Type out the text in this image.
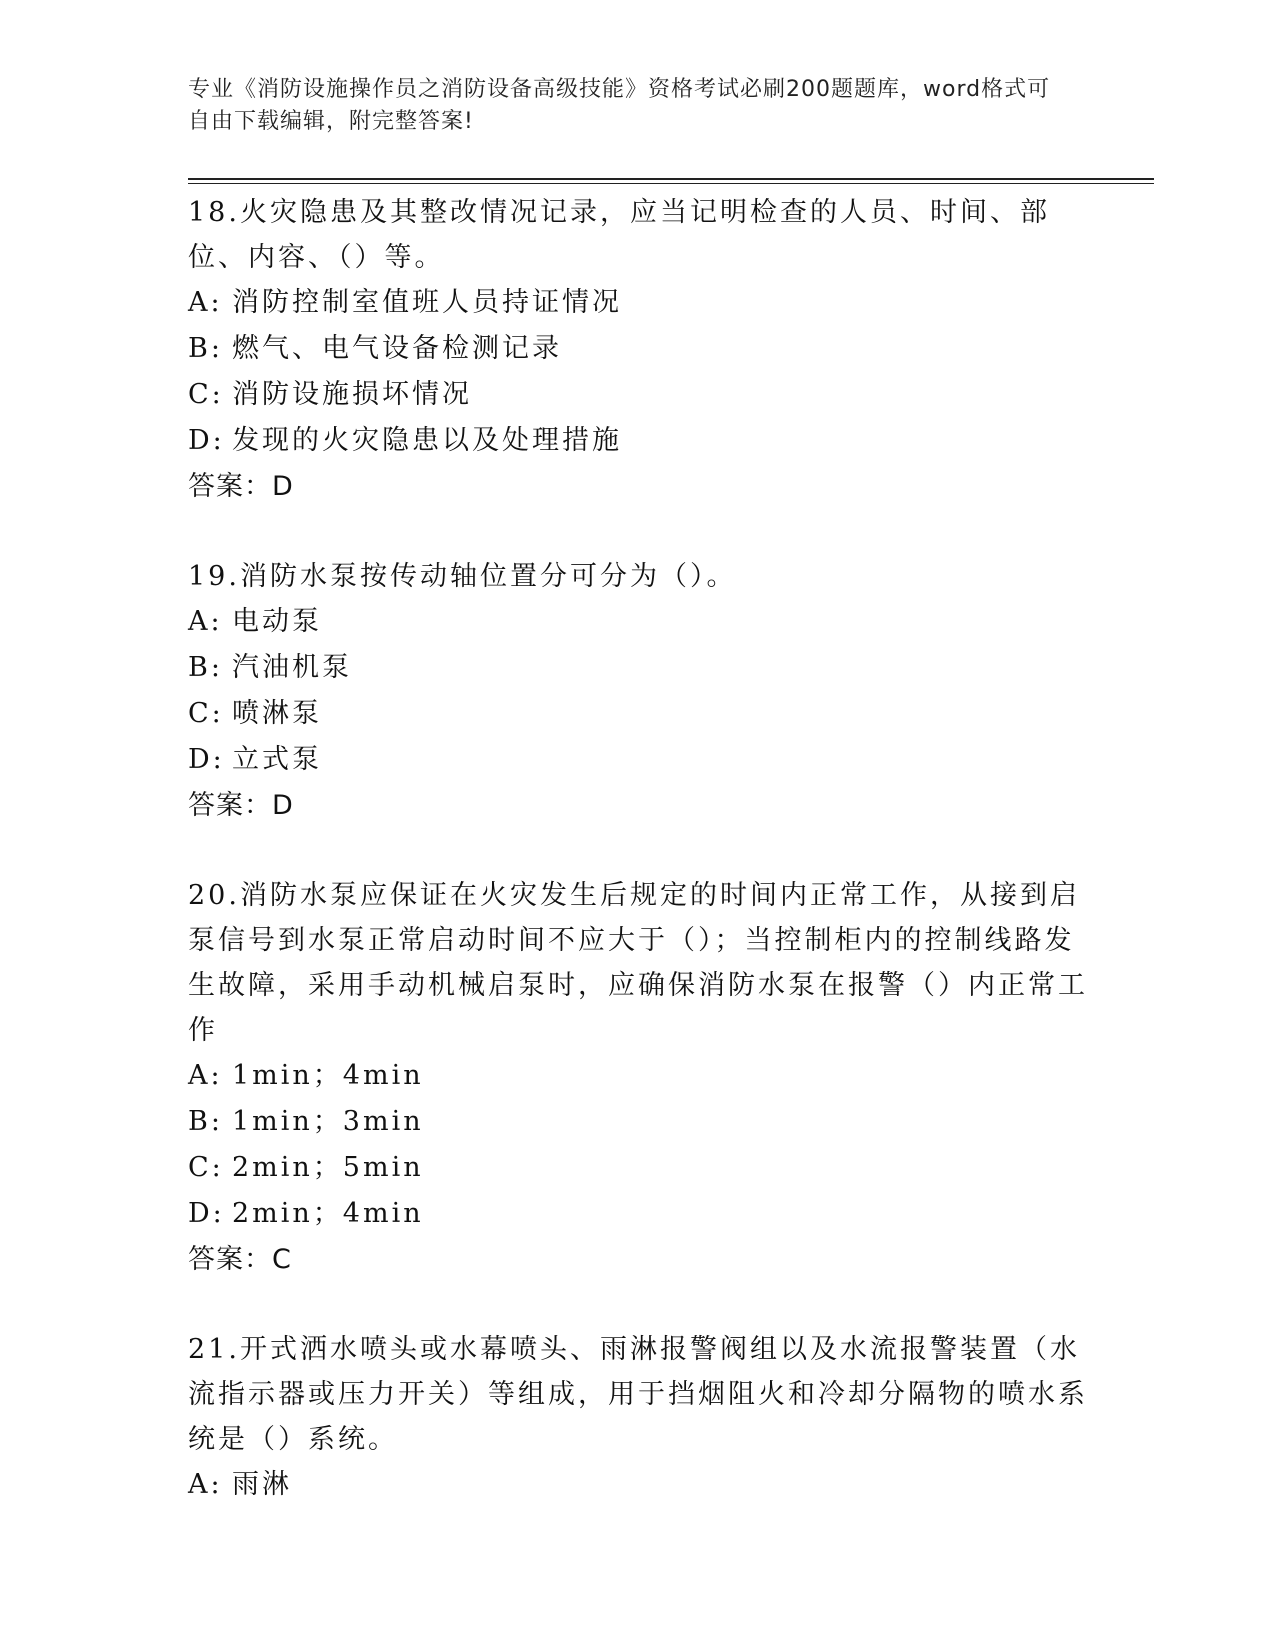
专业《消防设施操作员之消防设备高级技能》资格考试必刷200题题库，word格式可自由下载编辑，附完整答案!

18.火灾隐患及其整改情况记录，应当记明检查的人员、时间、部位、内容、（）等。

A: 消防控制室值班人员持证情况

B: 燃气、电气设备检测记录

C: 消防设施损坏情况

D: 发现的火灾隐患以及处理措施

答案：D

19.消防水泵按传动轴位置分可分为（）。

A: 电动泵

B: 汽油机泵

C: 喷淋泵

D: 立式泵

答案：D

20.消防水泵应保证在火灾发生后规定的时间内正常工作，从接到启泵信号到水泵正常启动时间不应大于（）；当控制柜内的控制线路发生故障，采用手动机械启泵时，应确保消防水泵在报警（）内正常工作

A: 1min；4min

B: 1min；3min

C: 2min；5min

D: 2min；4min

答案：C

21.开式洒水喷头或水幕喷头、雨淋报警阀组以及水流报警装置（水流指示器或压力开关）等组成，用于挡烟阻火和冷却分隔物的喷水系统是（）系统。

A: 雨淋
